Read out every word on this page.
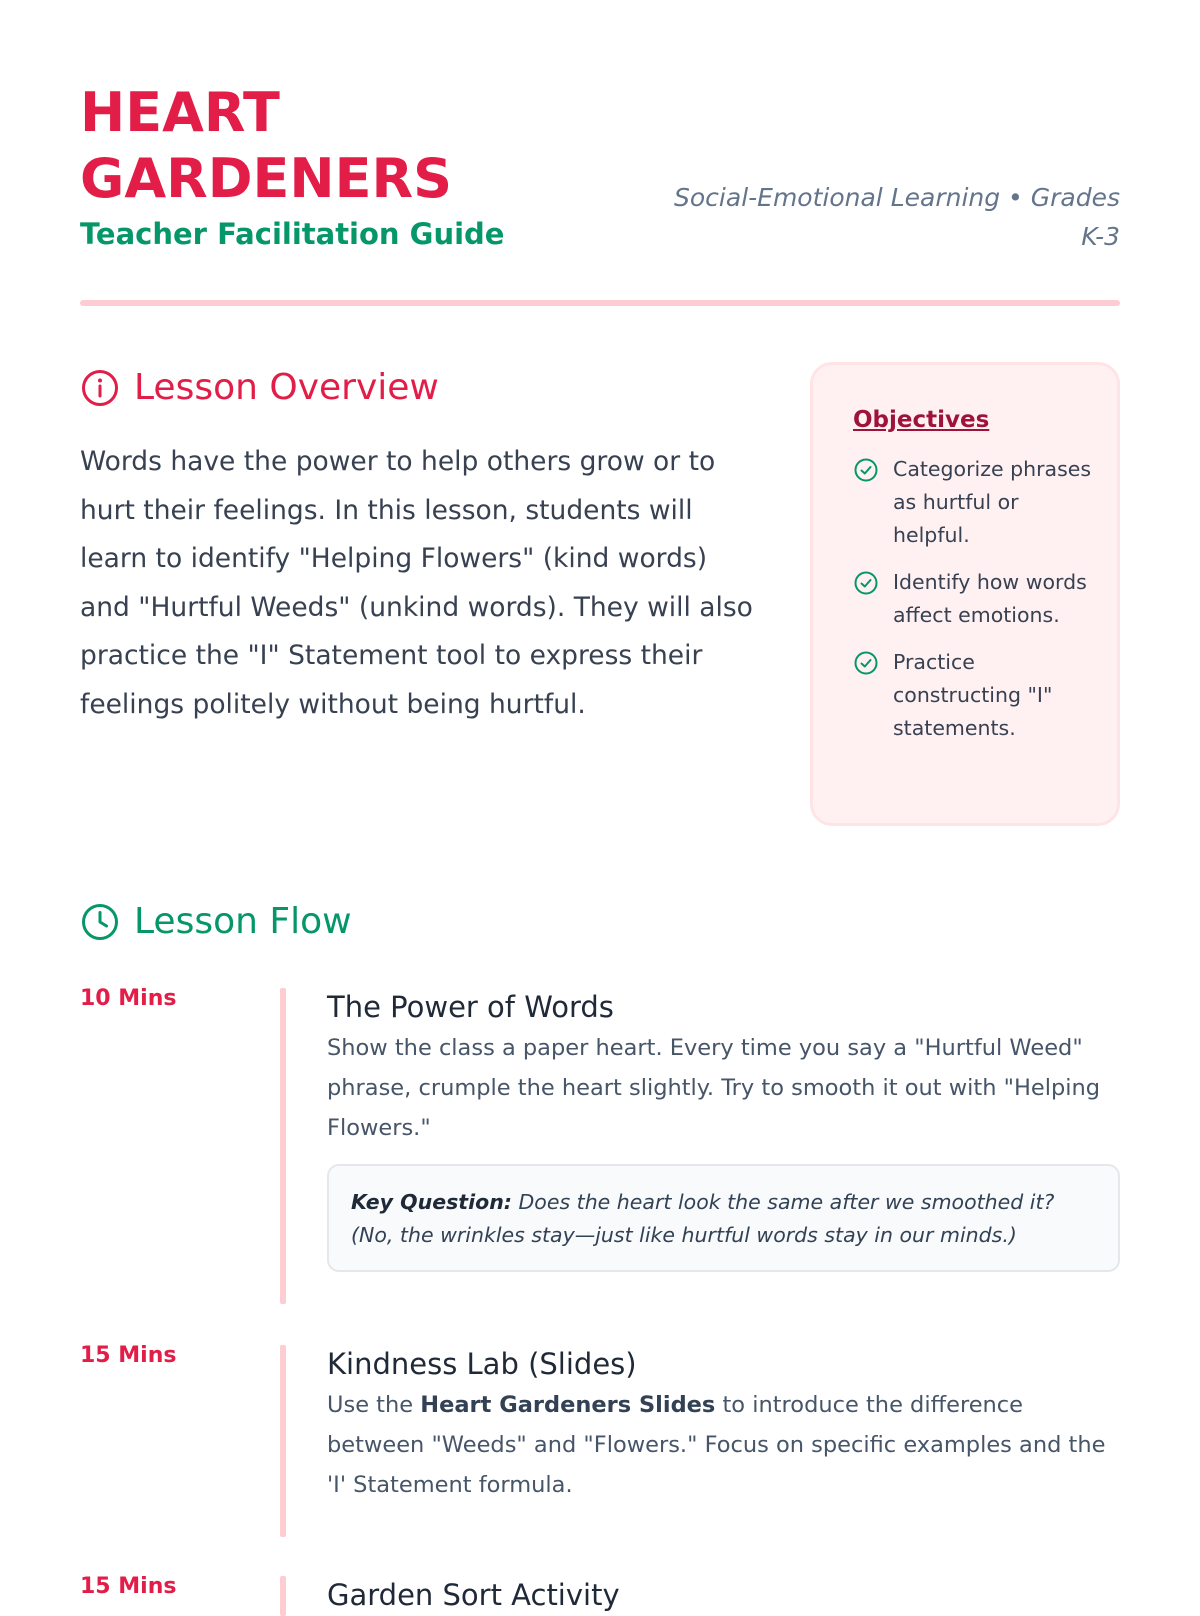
HEART GARDENERS
Teacher Facilitation Guide
Social-Emotional Learning • Grades K-3
Lesson Overview

Words have the power to help others grow or to hurt their feelings. In this lesson, students will learn to identify "Helping Flowers" (kind words) and "Hurtful Weeds" (unkind words). They will also practice the "I" Statement tool to express their feelings politely without being hurtful.

Objectives
Categorize phrases as hurtful or helpful.
Identify how words affect emotions.
Practice constructing "I" statements.
Lesson Flow
10 Mins	The Power of Words

Show the class a paper heart. Every time you say a "Hurtful Weed" phrase, crumple the heart slightly. Try to smooth it out with "Helping Flowers."

Key Question: Does the heart look the same after we smoothed it? (No, the wrinkles stay—just like hurtful words stay in our minds.)
15 Mins	Kindness Lab (Slides)

Use the Heart Gardeners Slides to introduce the difference between "Weeds" and "Flowers." Focus on specific examples and the 'I' Statement formula.

15 Mins	Garden Sort Activity
